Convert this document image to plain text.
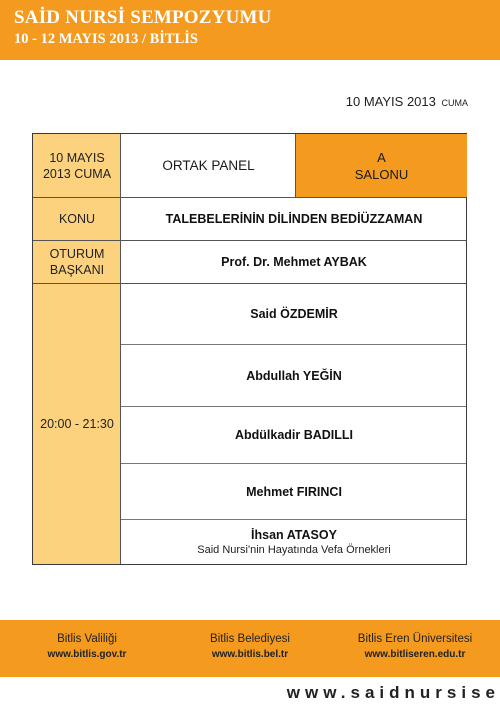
SAİD NURSİ SEMPOZYUMU
10 - 12 MAYIS 2013 / BİTLİS
10 MAYIS 2013 CUMA
10 MAYIS
2013 CUMA
ORTAK PANEL
A
SALONU
KONU	TALEBELERİNİN DİLİNDEN BEDİÜZZAMAN
OTURUM
BAŞKANI
Prof. Dr. Mehmet AYBAK
20:00 - 21:30
Said ÖZDEMİR
Abdullah YEĞİN
Abdülkadir BADILLI
Mehmet FIRINCI
İhsan ATASOY
Said Nursi'nin Hayatında Vefa Örnekleri
Bitlis Valiliği
www.bitlis.gov.tr
Bitlis Belediyesi
www.bitlis.bel.tr
Bitlis Eren Üniversitesi
www.bitliseren.edu.tr
www.saidnursise
